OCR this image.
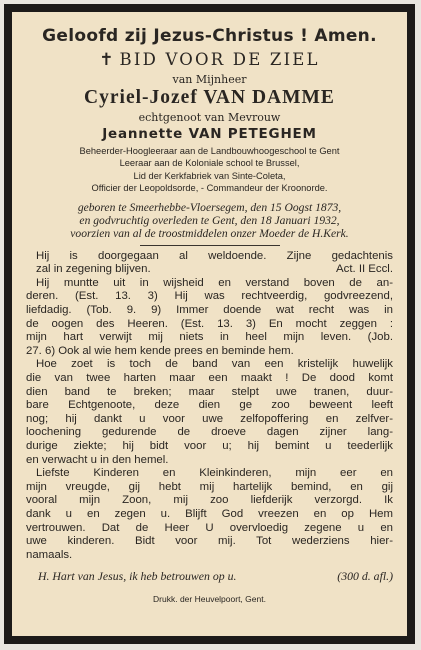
Geloofd zij Jezus-Christus ! Amen.
✝ BID VOOR DE ZIEL
van Mijnheer
Cyriel-Jozef VAN DAMME
echtgenoot van Mevrouw
Jeannette VAN PETEGHEM
Beheerder-Hoogleeraar aan de Landbouwhoogeschool te Gent
Leeraar aan de Koloniale school te Brussel,
Lid der Kerkfabriek van Sinte-Coleta,
Officier der Leopoldsorde, - Commandeur der Kroonorde.
geboren te Smeerhebbe-Vloersegem, den 15 Oogst 1873,
en godvruchtig overleden te Gent, den 18 Januari 1932,
voorzien van al de troostmiddelen onzer Moeder de H.Kerk.
Hij is doorgegaan al weldoende. Zijne gedachtenis
zal in zegening blijven.	Act. II Eccl.
Hij muntte uit in wijsheid en verstand boven de an-
deren. (Est. 13. 3) Hij was rechtveerdig, godvreezend,
liefdadig. (Tob. 9. 9) Immer doende wat recht was in
de oogen des Heeren. (Est. 13. 3) En mocht zeggen :
mijn hart verwijt mij niets in heel mijn leven. (Job.
27. 6) Ook al wie hem kende prees en beminde hem.
Hoe zoet is toch de band van een kristelijk huwelijk
die van twee harten maar een maakt ! De dood komt
dien band te breken; maar stelpt uwe tranen, duur-
bare Echtgenoote, deze dien ge zoo beweent leeft
nog; hij dankt u voor uwe zelfopoffering en zelfver-
loochening gedurende de droeve dagen zijner lang-
durige ziekte; hij bidt voor u; hij bemint u teederlijk
en verwacht u in den hemel.
Liefste Kinderen en Kleinkinderen, mijn eer en
mijn vreugde, gij hebt mij hartelijk bemind, en gij
vooral mijn Zoon, mij zoo liefderijk verzorgd. Ik
dank u en zegen u. Blijft God vreezen en op Hem
vertrouwen. Dat de Heer U overvloedig zegene u en
uwe kinderen. Bidt voor mij. Tot wederziens hier-
namaals.
H. Hart van Jesus, ik heb betrouwen op u.	(300 d. afl.)
Drukk. der Heuvelpoort, Gent.
